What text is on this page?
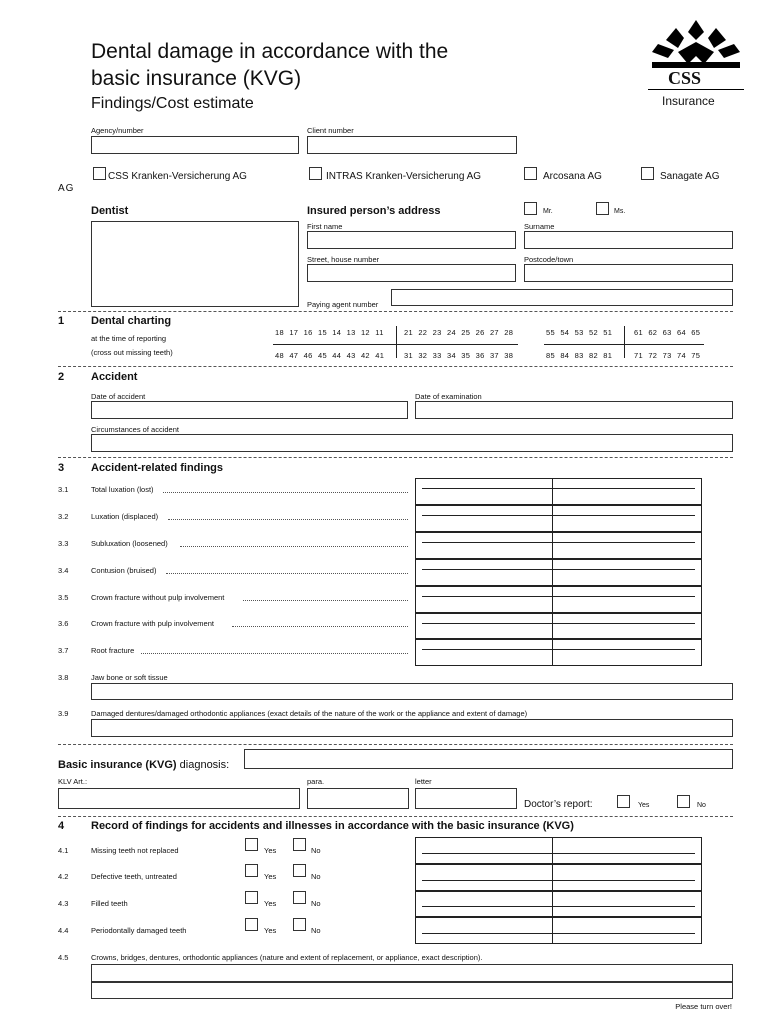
Dental damage in accordance with the
basic insurance (KVG)
Findings/Cost estimate
CSS
Insurance
Agency/number	Client number
CSS Kranken-Versicherung AG	INTRAS Kranken-Versicherung AG	Arcosana AG	Sanagate AG
AG
Dentist	Insured person’s address	Mr.	Ms.
First name	Surname
Street, house number	Postcode/town
Paying agent number
1 Dental charting
at the time of reporting
(cross out missing teeth)
18 17 16 15 14 13 12 11	21 22 23 24 25 26 27 28
48 47 46 45 44 43 42 41	31 32 33 34 35 36 37 38
55 54 53 52 51	61 62 63 64 65
85 84 83 82 81	71 72 73 74 75
2 Accident
Date of accident	Date of examination
Circumstances of accident
3 Accident-related findings
3.1	Total luxation (lost)
3.2	Luxation (displaced)
3.3	Subluxation (loosened)
3.4	Contusion (bruised)
3.5	Crown fracture without pulp involvement
3.6	Crown fracture with pulp involvement
3.7	Root fracture
3.8	Jaw bone or soft tissue
3.9	Damaged dentures/damaged orthodontic appliances (exact details of the nature of the work or the appliance and extent of damage)
Basic insurance (KVG) diagnosis:
KLV Art.:	para.	letter
Doctor’s report:	Yes	No
4 Record of findings for accidents and illnesses in accordance with the basic insurance (KVG)
4.1	Missing teeth not replaced	Yes	No
4.2	Defective teeth, untreated	Yes	No
4.3	Filled teeth	Yes	No
4.4	Periodontally damaged teeth	Yes	No
4.5	Crowns, bridges, dentures, orthodontic appliances (nature and extent of replacement, or appliance, exact description).
Please turn over!
